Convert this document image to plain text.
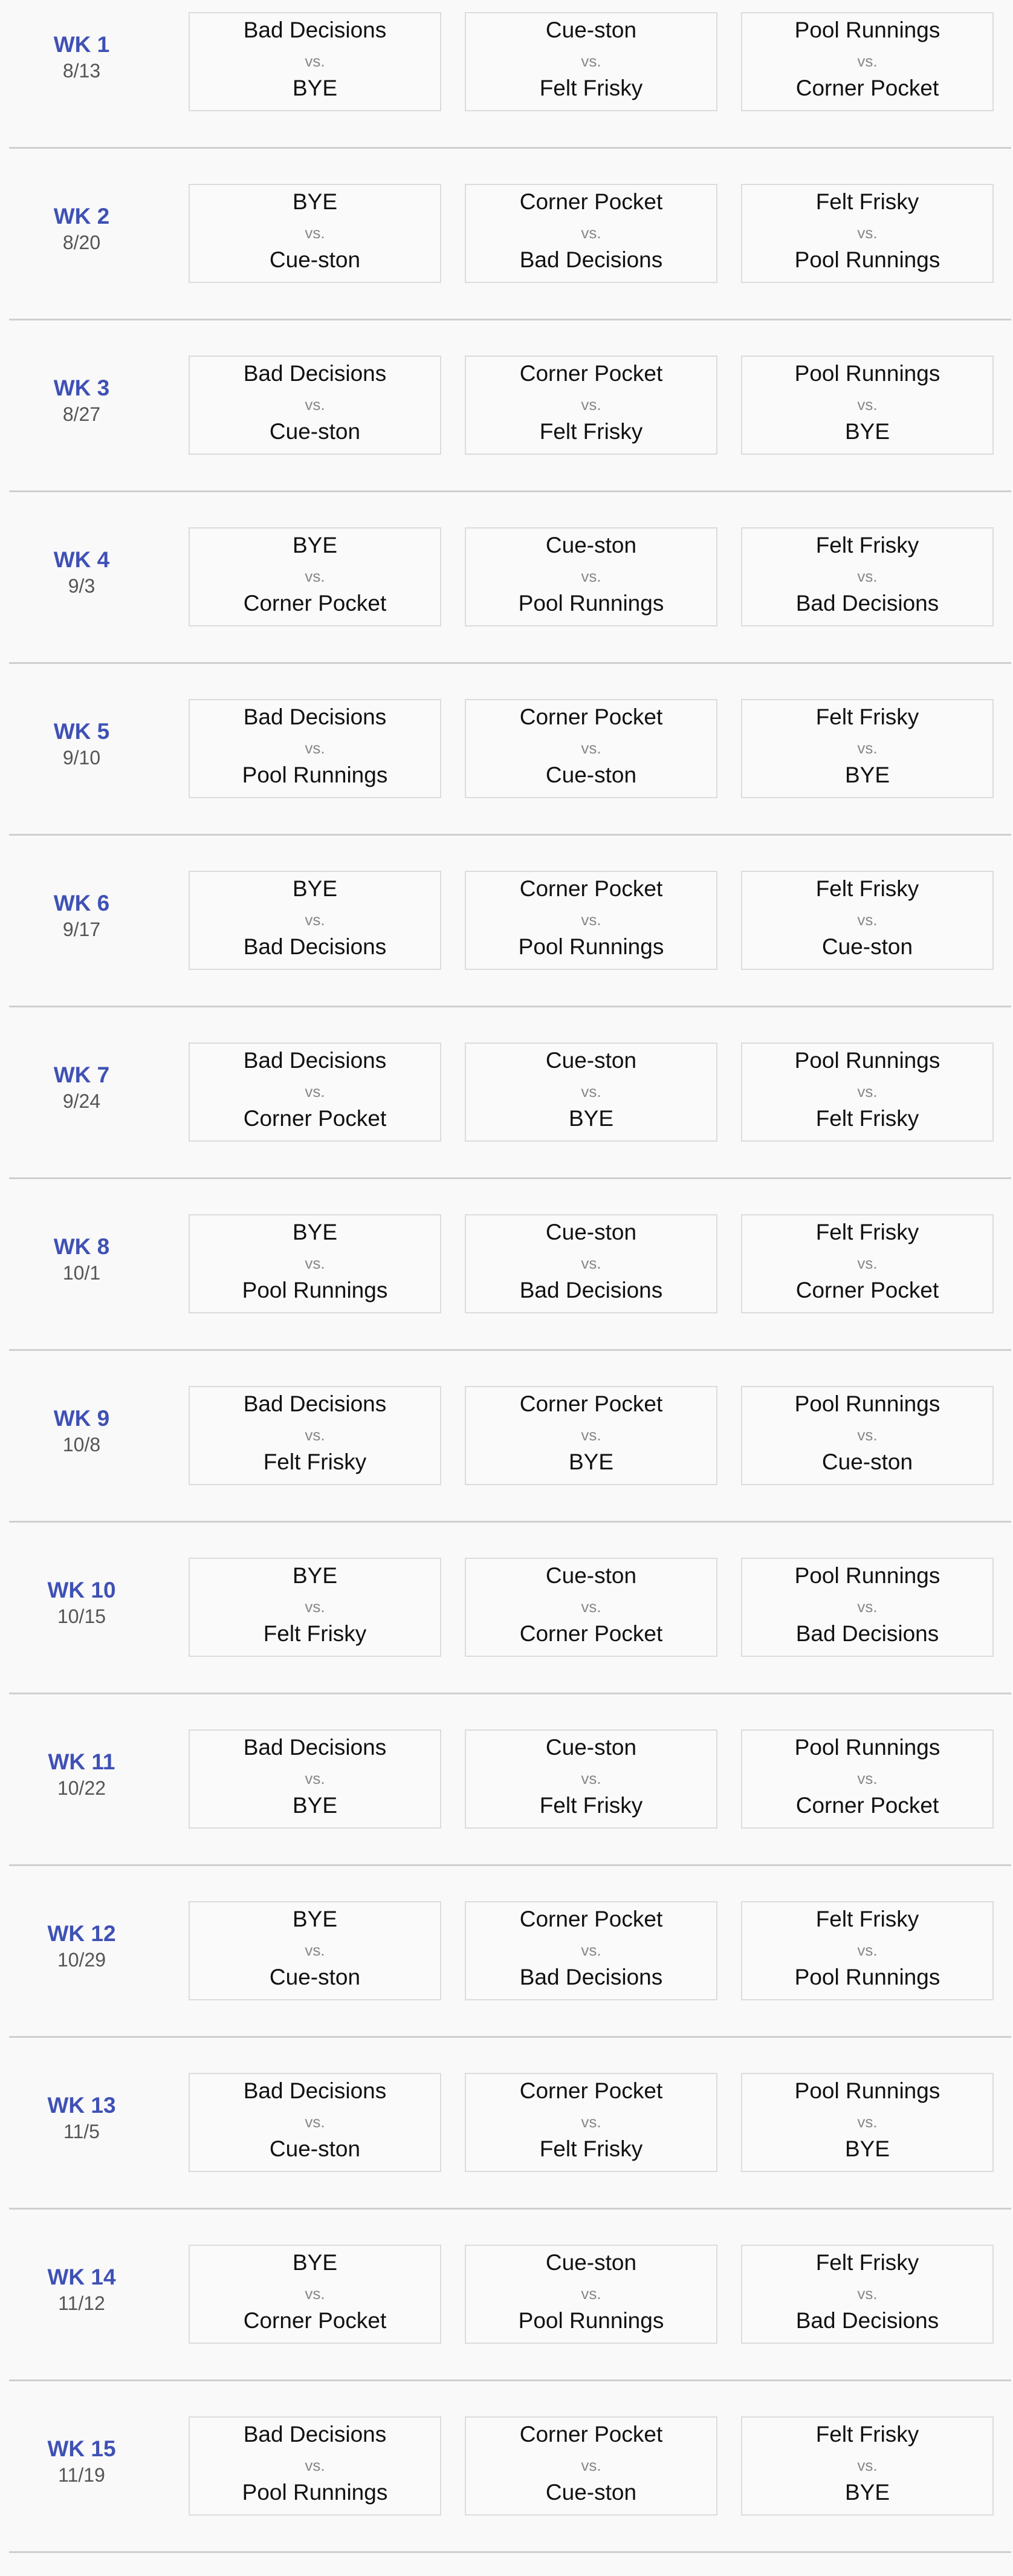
WK 1
8/13
Bad Decisions
vs.
BYE
Cue-ston
vs.
Felt Frisky
Pool Runnings
vs.
Corner Pocket
WK 2
8/20
BYE
vs.
Cue-ston
Corner Pocket
vs.
Bad Decisions
Felt Frisky
vs.
Pool Runnings
WK 3
8/27
Bad Decisions
vs.
Cue-ston
Corner Pocket
vs.
Felt Frisky
Pool Runnings
vs.
BYE
WK 4
9/3
BYE
vs.
Corner Pocket
Cue-ston
vs.
Pool Runnings
Felt Frisky
vs.
Bad Decisions
WK 5
9/10
Bad Decisions
vs.
Pool Runnings
Corner Pocket
vs.
Cue-ston
Felt Frisky
vs.
BYE
WK 6
9/17
BYE
vs.
Bad Decisions
Corner Pocket
vs.
Pool Runnings
Felt Frisky
vs.
Cue-ston
WK 7
9/24
Bad Decisions
vs.
Corner Pocket
Cue-ston
vs.
BYE
Pool Runnings
vs.
Felt Frisky
WK 8
10/1
BYE
vs.
Pool Runnings
Cue-ston
vs.
Bad Decisions
Felt Frisky
vs.
Corner Pocket
WK 9
10/8
Bad Decisions
vs.
Felt Frisky
Corner Pocket
vs.
BYE
Pool Runnings
vs.
Cue-ston
WK 10
10/15
BYE
vs.
Felt Frisky
Cue-ston
vs.
Corner Pocket
Pool Runnings
vs.
Bad Decisions
WK 11
10/22
Bad Decisions
vs.
BYE
Cue-ston
vs.
Felt Frisky
Pool Runnings
vs.
Corner Pocket
WK 12
10/29
BYE
vs.
Cue-ston
Corner Pocket
vs.
Bad Decisions
Felt Frisky
vs.
Pool Runnings
WK 13
11/5
Bad Decisions
vs.
Cue-ston
Corner Pocket
vs.
Felt Frisky
Pool Runnings
vs.
BYE
WK 14
11/12
BYE
vs.
Corner Pocket
Cue-ston
vs.
Pool Runnings
Felt Frisky
vs.
Bad Decisions
WK 15
11/19
Bad Decisions
vs.
Pool Runnings
Corner Pocket
vs.
Cue-ston
Felt Frisky
vs.
BYE
